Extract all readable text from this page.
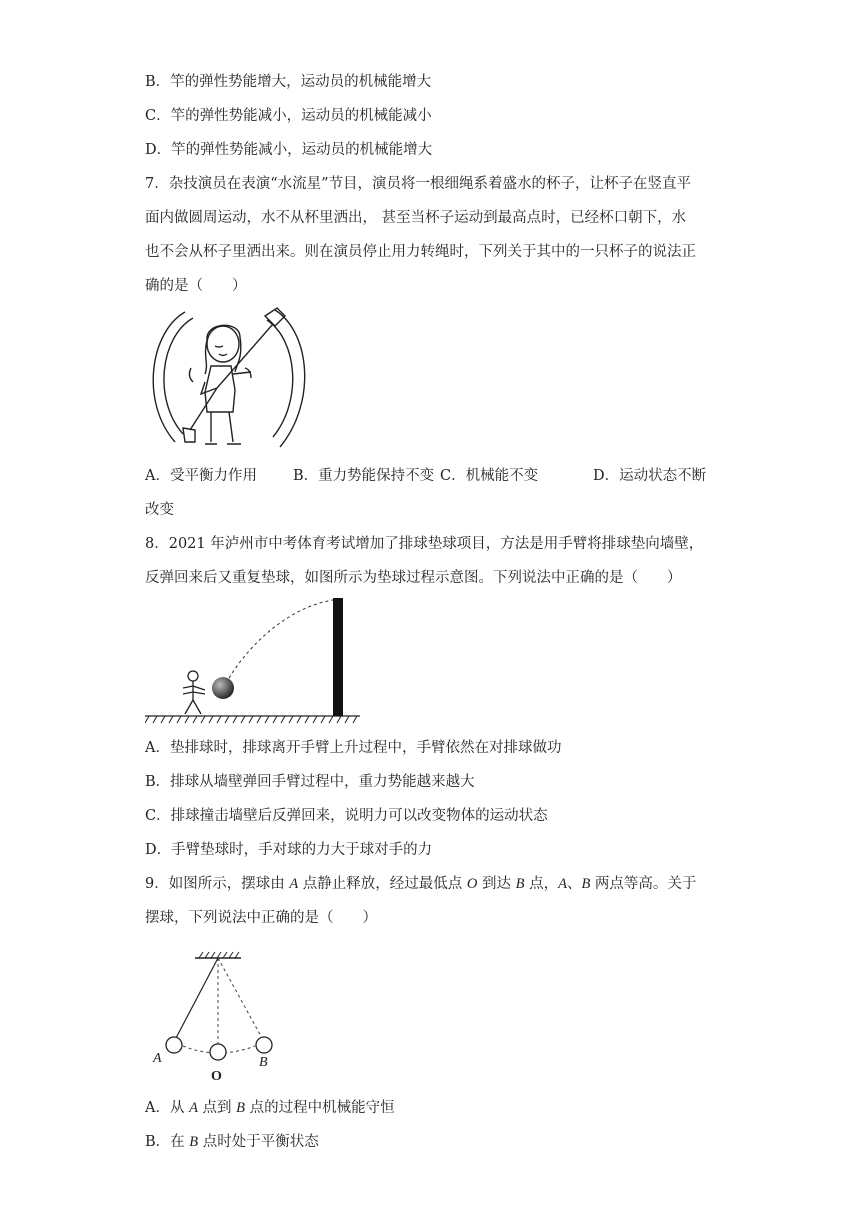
B．竿的弹性势能增大，运动员的机械能增大
C．竿的弹性势能减小，运动员的机械能减小
D．竿的弹性势能减小，运动员的机械能增大
7．杂技演员在表演“水流星”节目，演员将一根细绳系着盛水的杯子，让杯子在竖直平
面内做圆周运动，水不从杯里洒出， 甚至当杯子运动到最高点时，已经杯口朝下，水
也不会从杯子里洒出来。则在演员停止用力转绳时，下列关于其中的一只杯子的说法正
确的是（　　）
A．受平衡力作用 B．重力势能保持不变 C．机械能不变	D．运动状态不断
改变
8．2021 年泸州市中考体育考试增加了排球垫球项目，方法是用手臂将排球垫向墙壁，
反弹回来后又重复垫球，如图所示为垫球过程示意图。下列说法中正确的是（　　）
A．垫排球时，排球离开手臂上升过程中，手臂依然在对排球做功
B．排球从墙壁弹回手臂过程中，重力势能越来越大
C．排球撞击墙壁后反弹回来，说明力可以改变物体的运动状态
D．手臂垫球时，手对球的力大于球对手的力
9．如图所示，摆球由 A 点静止释放，经过最低点 O 到达 B 点，A、B 两点等高。关于
摆球，下列说法中正确的是（　　）
A
O
B
A．从 A 点到 B 点的过程中机械能守恒
B．在 B 点时处于平衡状态
